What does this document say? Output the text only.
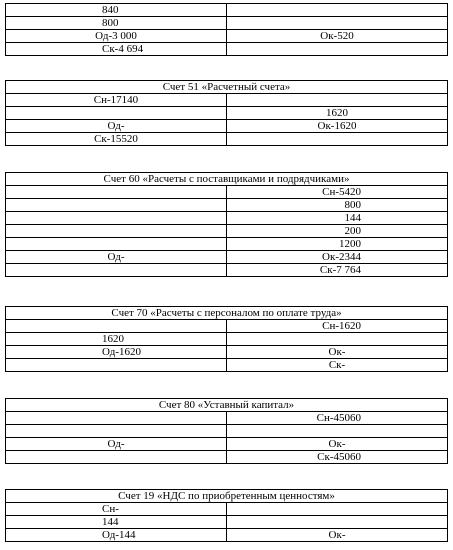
840	
800	
Од-3 000	Ок-520
Ск-4 694	
Счет 51 «Расчетный счета»	
Сн-17140	
	1620
Од-	Ок-1620
Ск-15520	
Счет 60 «Расчеты с поставщиками и подрядчиками»	
	Сн-5420
	800
	144
	200
	1200
Од-	Ок-2344
	Ск-7 764
Счет 70 «Расчеты с персоналом по оплате труда»	
	Сн-1620
1620	
Од-1620	Ок-
	Ск-
Счет 80 «Уставный капитал»	
	Сн-45060

Од-	Ок-
	Ск-45060
Счет 19 «НДС по приобретенным ценностям»	
Сн-	
144	
Од-144	Ок-
